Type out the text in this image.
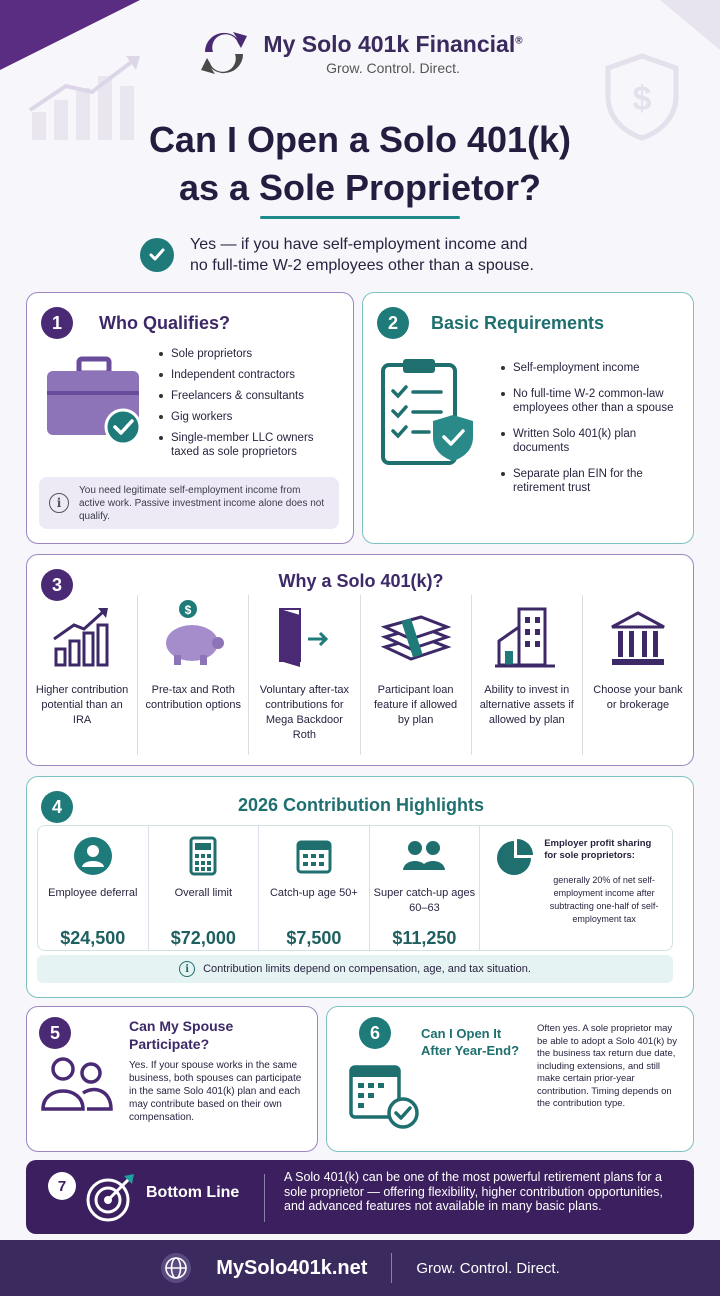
$
My Solo 401k Financial®
Grow. Control. Direct.
Can I Open a Solo 401(k)
as a Sole Proprietor?
Yes — if you have self-employment income and
no full-time W-2 employees other than a spouse.
1	Who Qualifies?
Sole proprietors
Independent contractors
Freelancers & consultants
Gig workers
Single-member LLC owners taxed as sole proprietors
i
You need legitimate self-employment income from active work. Passive investment income alone does not qualify.
2	Basic Requirements
Self-employment income
No full-time W-2 common-law employees other than a spouse
Written Solo 401(k) plan documents
Separate plan EIN for the retirement trust
3	Why a Solo 401(k)?
Higher contribution potential than an IRA
$
Pre-tax and Roth contribution options
Voluntary after-tax contributions for Mega Backdoor Roth
Participant loan feature if allowed by plan
Ability to invest in alternative assets if allowed by plan
Choose your bank or brokerage
4	2026 Contribution Highlights
Employee deferral
$24,500
Overall limit
$72,000
Catch-up age 50+
$7,500
Super catch-up ages 60–63
$11,250
Employer profit sharing for sole proprietors:
generally 20% of net self-employment income after subtracting one-half of self-employment tax
i	Contribution limits depend on compensation, age, and tax situation.
5	Can My Spouse
Participate?
Yes. If your spouse works in the same business, both spouses can participate in the same Solo 401(k) plan and each may contribute based on their own compensation.
6	Can I Open It
After Year-End?
Often yes. A sole proprietor may be able to adopt a Solo 401(k) by the business tax return due date, including extensions, and still make certain prior-year contribution. Timing depends on the contribution type.
7	Bottom Line
A Solo 401(k) can be one of the most powerful retirement plans for a sole proprietor — offering flexibility, higher contribution opportunities, and advanced features not available in many basic plans.
MySolo401k.net	Grow. Control. Direct.
